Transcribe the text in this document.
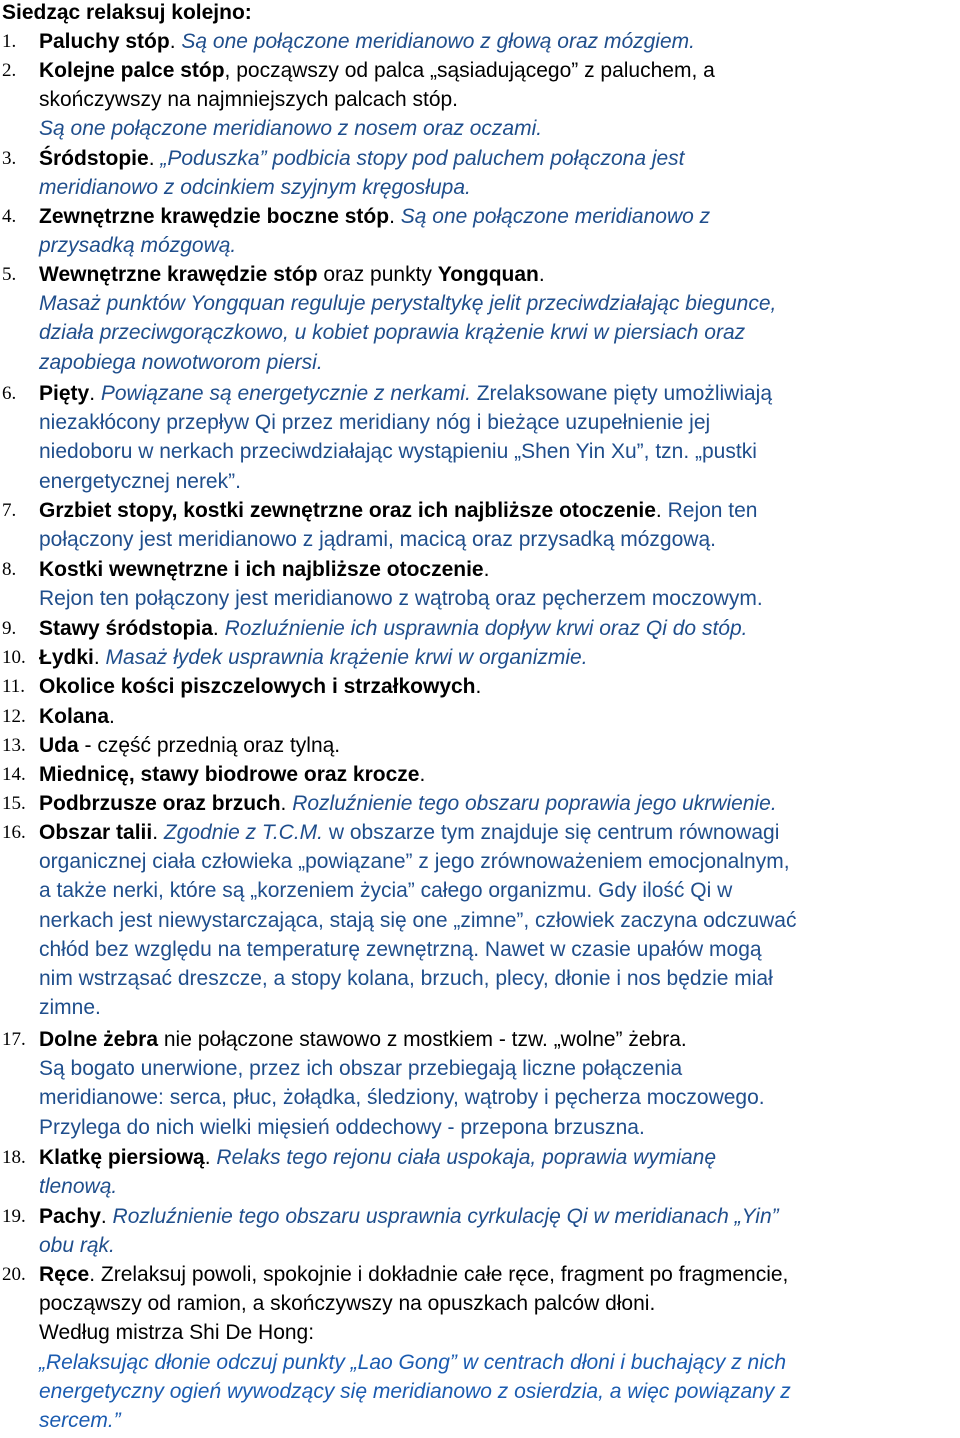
Siedząc relaksuj kolejno:
1. Paluchy stóp. Są one połączone meridianowo z głową oraz mózgiem.
2. Kolejne palce stóp, począwszy od palca „sąsiadującego” z paluchem, a
skończywszy na najmniejszych palcach stóp.
Są one połączone meridianowo z nosem oraz oczami.
3. Śródstopie. „Poduszka” podbicia stopy pod paluchem połączona jest
meridianowo z odcinkiem szyjnym kręgosłupa.
4. Zewnętrzne krawędzie boczne stóp. Są one połączone meridianowo z
przysadką mózgową.
5. Wewnętrzne krawędzie stóp oraz punkty Yongquan.
Masaż punktów Yongquan reguluje perystaltykę jelit przeciwdziałając biegunce,
działa przeciwgorączkowo, u kobiet poprawia krążenie krwi w piersiach oraz
zapobiega nowotworom piersi.
6. Pięty. Powiązane są energetycznie z nerkami. Zrelaksowane pięty umożliwiają
niezakłócony przepływ Qi przez meridiany nóg i bieżące uzupełnienie jej
niedoboru w nerkach przeciwdziałając wystąpieniu „Shen Yin Xu”, tzn. „pustki
energetycznej nerek”.
7. Grzbiet stopy, kostki zewnętrzne oraz ich najbliższe otoczenie. Rejon ten
połączony jest meridianowo z jądrami, macicą oraz przysadką mózgową.
8. Kostki wewnętrzne i ich najbliższe otoczenie.
Rejon ten połączony jest meridianowo z wątrobą oraz pęcherzem moczowym.
9. Stawy śródstopia. Rozluźnienie ich usprawnia dopływ krwi oraz Qi do stóp.
10. Łydki. Masaż łydek usprawnia krążenie krwi w organizmie.
11. Okolice kości piszczelowych i strzałkowych.
12. Kolana.
13. Uda - część przednią oraz tylną.
14. Miednicę, stawy biodrowe oraz krocze.
15. Podbrzusze oraz brzuch. Rozluźnienie tego obszaru poprawia jego ukrwienie.
16. Obszar talii. Zgodnie z T.C.M. w obszarze tym znajduje się centrum równowagi
organicznej ciała człowieka „powiązane” z jego zrównoważeniem emocjonalnym,
a także nerki, które są „korzeniem życia” całego organizmu. Gdy ilość Qi w
nerkach jest niewystarczająca, stają się one „zimne”, człowiek zaczyna odczuwać
chłód bez względu na temperaturę zewnętrzną. Nawet w czasie upałów mogą
nim wstrząsać dreszcze, a stopy kolana, brzuch, plecy, dłonie i nos będzie miał
zimne.
17. Dolne żebra nie połączone stawowo z mostkiem - tzw. „wolne” żebra.
Są bogato unerwione, przez ich obszar przebiegają liczne połączenia
meridianowe: serca, płuc, żołądka, śledziony, wątroby i pęcherza moczowego.
Przylega do nich wielki mięsień oddechowy - przepona brzuszna.
18. Klatkę piersiową. Relaks tego rejonu ciała uspokaja, poprawia wymianę
tlenową.
19. Pachy. Rozluźnienie tego obszaru usprawnia cyrkulację Qi w meridianach „Yin”
obu rąk.
20. Ręce. Zrelaksuj powoli, spokojnie i dokładnie całe ręce, fragment po fragmencie,
począwszy od ramion, a skończywszy na opuszkach palców dłoni.
Według mistrza Shi De Hong:
„Relaksując dłonie odczuj punkty „Lao Gong” w centrach dłoni i buchający z nich
energetyczny ogień wywodzący się meridianowo z osierdzia, a więc powiązany z
sercem.”
